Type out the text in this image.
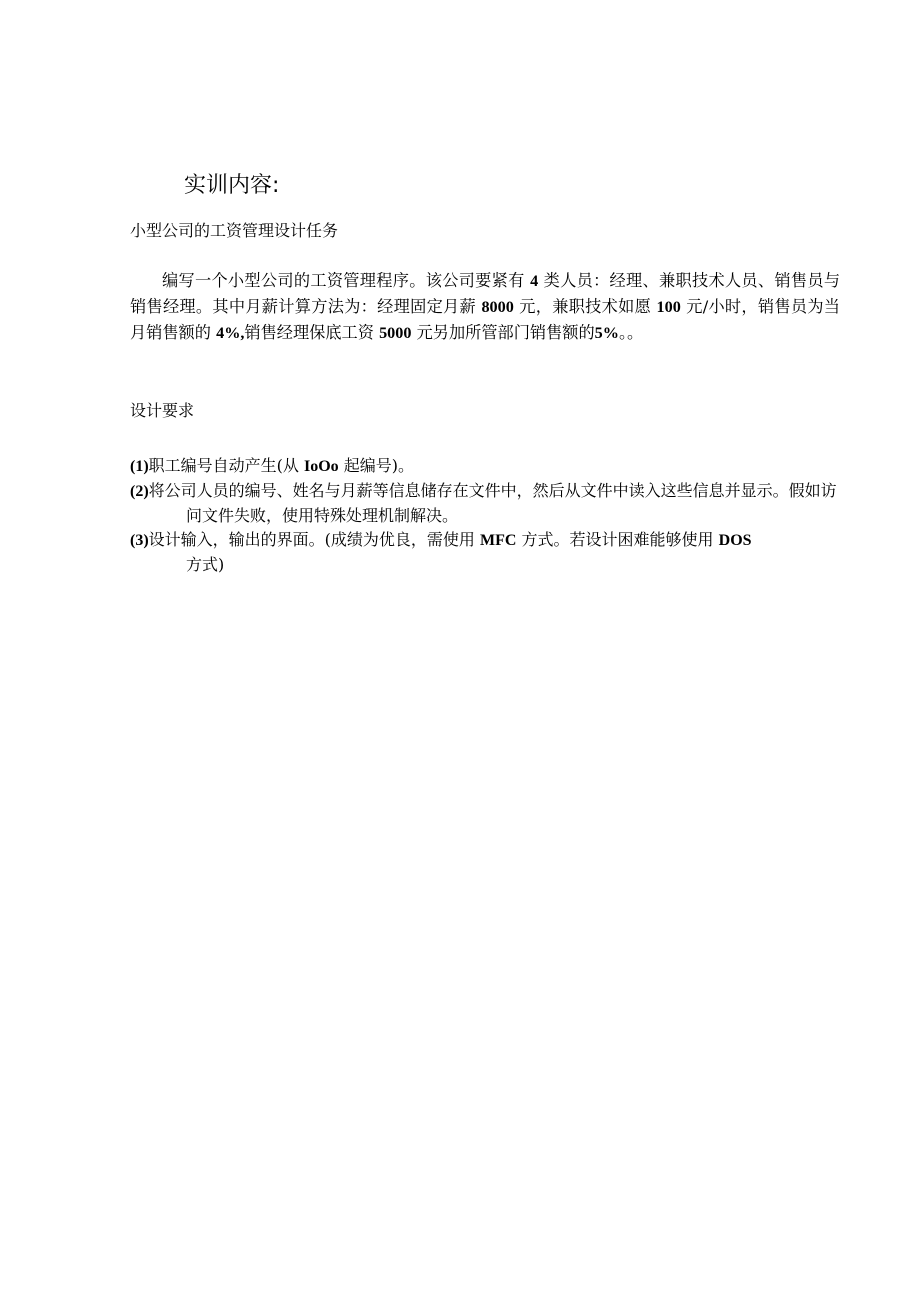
实训内容:
小型公司的工资管理设计任务

编写一个小型公司的工资管理程序。该公司要紧有 4 类人员：经理、兼职技术人员、销售员与销售经理。其中月薪计算方法为：经理固定月薪 8000 元，兼职技术如愿 100 元/小时，销售员为当月销售额的 4%,销售经理保底工资 5000 元另加所管部门销售额的5%。。

设计要求
(1)职工编号自动产生(从 IoOo 起编号)。
(2)将公司人员的编号、姓名与月薪等信息储存在文件中，然后从文件中读入这些信息并显示。假如访问文件失败，使用特殊处理机制解决。
(3)设计输入，输出的界面。(成绩为优良，需使用 MFC 方式。若设计困难能够使用 DOS
方式)
